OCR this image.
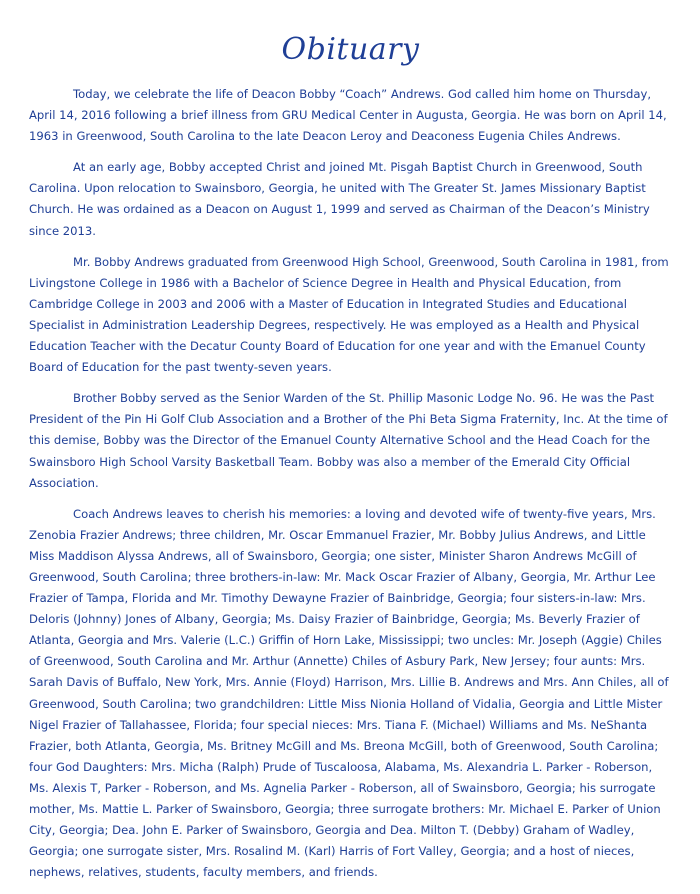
Obituary

Today, we celebrate the life of Deacon Bobby “Coach” Andrews. God called him home on Thursday, April 14, 2016 following a brief illness from GRU Medical Center in Augusta, Georgia. He was born on April 14, 1963 in Greenwood, South Carolina to the late Deacon Leroy and Deaconess Eugenia Chiles Andrews.

At an early age, Bobby accepted Christ and joined Mt. Pisgah Baptist Church in Greenwood, South Carolina. Upon relocation to Swainsboro, Georgia, he united with The Greater St. James Missionary Baptist Church. He was ordained as a Deacon on August 1, 1999 and served as Chairman of the Deacon’s Ministry since 2013.

Mr. Bobby Andrews graduated from Greenwood High School, Greenwood, South Carolina in 1981, from Livingstone College in 1986 with a Bachelor of Science Degree in Health and Physical Education, from Cambridge College in 2003 and 2006 with a Master of Education in Integrated Studies and Educational Specialist in Administration Leadership Degrees, respectively. He was employed as a Health and Physical Education Teacher with the Decatur County Board of Education for one year and with the Emanuel County Board of Education for the past twenty-seven years.

Brother Bobby served as the Senior Warden of the St. Phillip Masonic Lodge No. 96. He was the Past President of the Pin Hi Golf Club Association and a Brother of the Phi Beta Sigma Fraternity, Inc. At the time of this demise, Bobby was the Director of the Emanuel County Alternative School and the Head Coach for the Swainsboro High School Varsity Basketball Team. Bobby was also a member of the Emerald City Official Association.

Coach Andrews leaves to cherish his memories: a loving and devoted wife of twenty-five years, Mrs. Zenobia Frazier Andrews; three children, Mr. Oscar Emmanuel Frazier, Mr. Bobby Julius Andrews, and Little Miss Maddison Alyssa Andrews, all of Swainsboro, Georgia; one sister, Minister Sharon Andrews McGill of Greenwood, South Carolina; three brothers-in-law: Mr. Mack Oscar Frazier of Albany, Georgia, Mr. Arthur Lee Frazier of Tampa, Florida and Mr. Timothy Dewayne Frazier of Bainbridge, Georgia; four sisters-in-law: Mrs. Deloris (Johnny) Jones of Albany, Georgia; Ms. Daisy Frazier of Bainbridge, Georgia; Ms. Beverly Frazier of Atlanta, Georgia and Mrs. Valerie (L.C.) Griffin of Horn Lake, Mississippi; two uncles: Mr. Joseph (Aggie) Chiles of Greenwood, South Carolina and Mr. Arthur (Annette) Chiles of Asbury Park, New Jersey; four aunts: Mrs. Sarah Davis of Buffalo, New York, Mrs. Annie (Floyd) Harrison, Mrs. Lillie B. Andrews and Mrs. Ann Chiles, all of Greenwood, South Carolina; two grandchildren: Little Miss Nionia Holland of Vidalia, Georgia and Little Mister Nigel Frazier of Tallahassee, Florida; four special nieces: Mrs. Tiana F. (Michael) Williams and Ms. NeShanta Frazier, both Atlanta, Georgia, Ms. Britney McGill and Ms. Breona McGill, both of Greenwood, South Carolina; four God Daughters: Mrs. Micha (Ralph) Prude of Tuscaloosa, Alabama, Ms. Alexandria L. Parker - Roberson, Ms. Alexis T, Parker - Roberson, and Ms. Agnelia Parker - Roberson, all of Swainsboro, Georgia; his surrogate mother, Ms. Mattie L. Parker of Swainsboro, Georgia; three surrogate brothers: Mr. Michael E. Parker of Union City, Georgia; Dea. John E. Parker of Swainsboro, Georgia and Dea. Milton T. (Debby) Graham of Wadley, Georgia; one surrogate sister, Mrs. Rosalind M. (Karl) Harris of Fort Valley, Georgia; and a host of nieces, nephews, relatives, students, faculty members, and friends.
